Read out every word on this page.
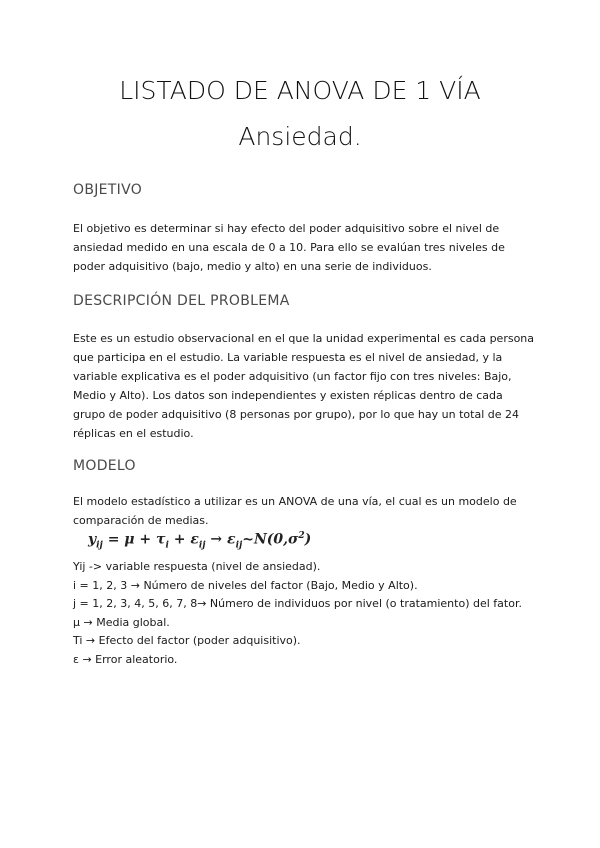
LISTADO DE ANOVA DE 1 VÍA
Ansiedad.
OBJETIVO

El objetivo es determinar si hay efecto del poder adquisitivo sobre el nivel de

ansiedad medido en una escala de 0 a 10. Para ello se evalúan tres niveles de

poder adquisitivo (bajo, medio y alto) en una serie de individuos.

DESCRIPCIÓN DEL PROBLEMA

Este es un estudio observacional en el que la unidad experimental es cada persona

que participa en el estudio. La variable respuesta es el nivel de ansiedad, y la

variable explicativa es el poder adquisitivo (un factor fijo con tres niveles: Bajo,

Medio y Alto). Los datos son independientes y existen réplicas dentro de cada

grupo de poder adquisitivo (8 personas por grupo), por lo que hay un total de 24

réplicas en el estudio.

MODELO

El modelo estadístico a utilizar es un ANOVA de una vía, el cual es un modelo de

comparación de medias.

$y_{ij} = \mu + \tau_i + \varepsilon_{ij}$ → $\varepsilon_{ij}\sim N(0,\sigma^2)$

Yij -> variable respuesta (nivel de ansiedad).

i = 1, 2, 3 → Número de niveles del factor (Bajo, Medio y Alto).

j = 1, 2, 3, 4, 5, 6, 7, 8→ Número de individuos por nivel (o tratamiento) del fator.

μ → Media global.

Ti → Efecto del factor (poder adquisitivo).

ε → Error aleatorio.
